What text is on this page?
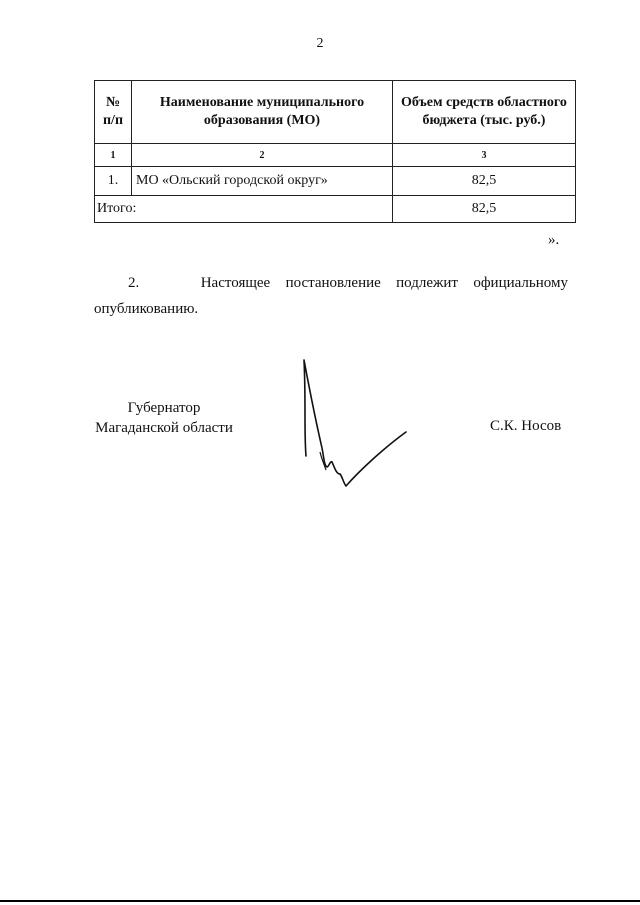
2
№ п/п	Наименование муниципального образования (МО)	Объем средств областного бюджета (тыс. руб.)
1	2	3
1.	МО «Ольский городской округ»	82,5
Итого:		82,5
».
2.	Настоящее постановление подлежит официальному
опубликованию.
Губернатор
Магаданской области	С.К. Носов
